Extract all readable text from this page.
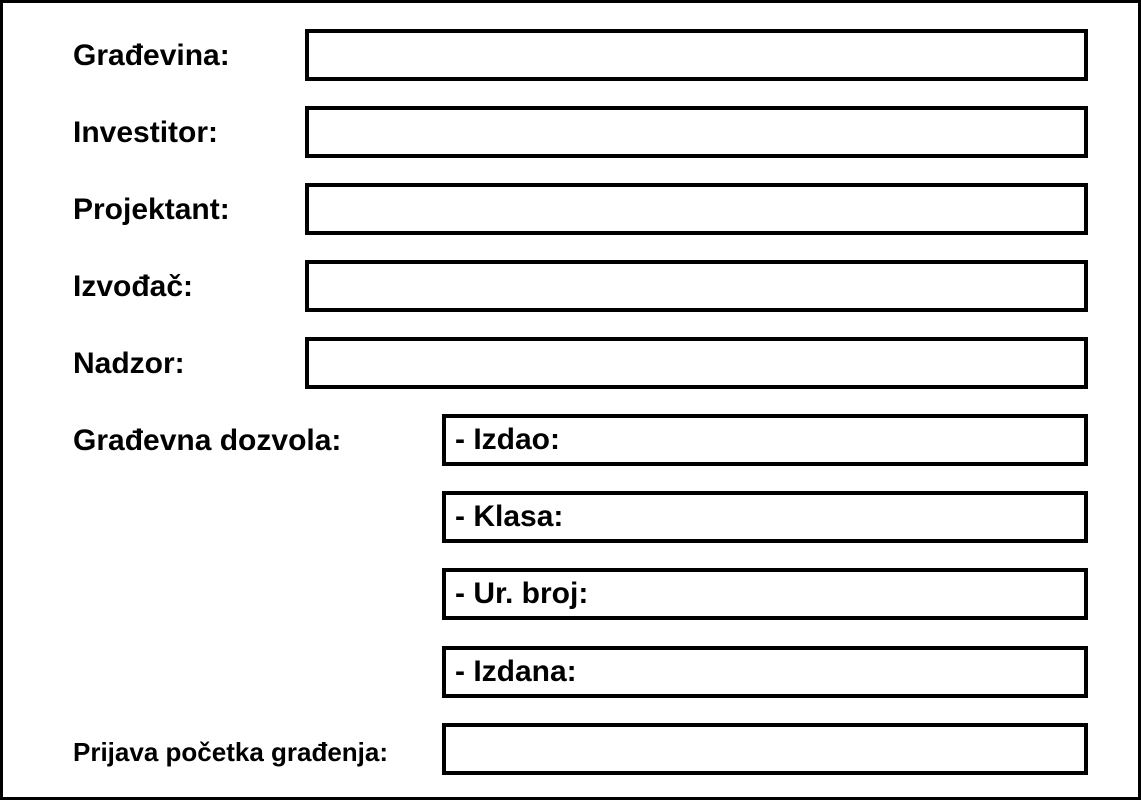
Građevina:
Investitor:
Projektant:
Izvođač:
Nadzor:
Građevna dozvola:	- Izdao:
- Klasa:
- Ur. broj:
- Izdana:
Prijava početka građenja:
